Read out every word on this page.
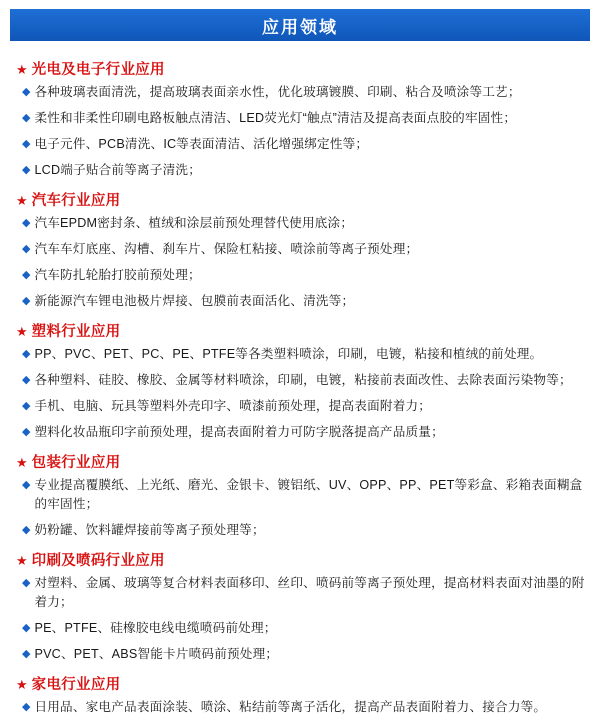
应用领域
★ 光电及电子行业应用
◆ 各种玻璃表面清洗，提高玻璃表面亲水性，优化玻璃镀膜、印刷、粘合及喷涂等工艺；
◆ 柔性和非柔性印刷电路板触点清洁、LED荧光灯“触点”清洁及提高表面点胶的牢固性；
◆ 电子元件、PCB清洗、IC等表面清洁、活化增强绑定性等；
◆ LCD端子贴合前等离子清洗；
★ 汽车行业应用
◆ 汽车EPDM密封条、植绒和涂层前预处理替代使用底涂；
◆ 汽车车灯底座、沟槽、刹车片、保险杠粘接、喷涂前等离子预处理；
◆ 汽车防扎轮胎打胶前预处理；
◆ 新能源汽车锂电池极片焊接、包膜前表面活化、清洗等；
★ 塑料行业应用
◆ PP、PVC、PET、PC、PE、PTFE等各类塑料喷涂，印刷，电镀，粘接和植绒的前处理。
◆ 各种塑料、硅胶、橡胶、金属等材料喷涂，印刷，电镀，粘接前表面改性、去除表面污染物等；
◆ 手机、电脑、玩具等塑料外壳印字、喷漆前预处理，提高表面附着力；
◆ 塑料化妆品瓶印字前预处理，提高表面附着力可防字脱落提高产品质量；
★ 包装行业应用
◆ 专业提高覆膜纸、上光纸、磨光、金银卡、镀铝纸、UV、OPP、PP、PET等彩盒、彩箱表面糊盒的牢固性；
◆ 奶粉罐、饮料罐焊接前等离子预处理等；
★ 印刷及喷码行业应用
◆ 对塑料、金属、玻璃等复合材料表面移印、丝印、喷码前等离子预处理，提高材料表面对油墨的附着力；
◆ PE、PTFE、硅橡胶电线电缆喷码前处理；
◆ PVC、PET、ABS智能卡片喷码前预处理；
★ 家电行业应用
◆ 日用品、家电产品表面涂装、喷涂、粘结前等离子活化，提高产品表面附着力、接合力等。
